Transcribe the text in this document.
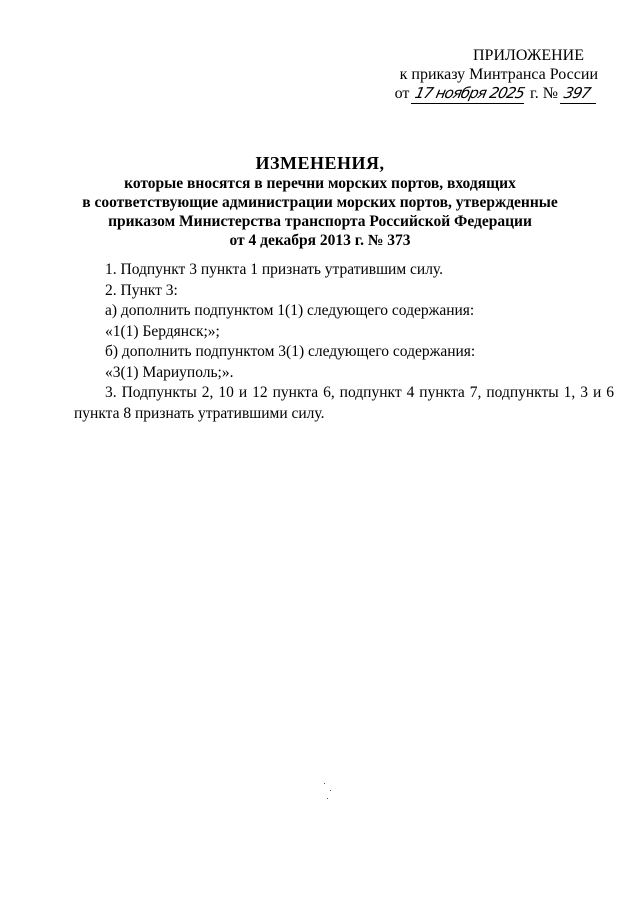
ПРИЛОЖЕНИЕ
к приказу Минтранса России
от 17 ноября 2025 г. № 397
ИЗМЕНЕНИЯ,
которые вносятся в перечни морских портов, входящих
в соответствующие администрации морских портов, утвержденные
приказом Министерства транспорта Российской Федерации
от 4 декабря 2013 г. № 373
1. Подпункт 3 пункта 1 признать утратившим силу.
2. Пункт 3:
а) дополнить подпунктом 1(1) следующего содержания:
«1(1) Бердянск;»;
б) дополнить подпунктом 3(1) следующего содержания:
«3(1) Мариуполь;».
3. Подпункты 2, 10 и 12 пункта 6, подпункт 4 пункта 7, подпункты 1, 3 и 6 пункта 8 признать утратившими силу.
